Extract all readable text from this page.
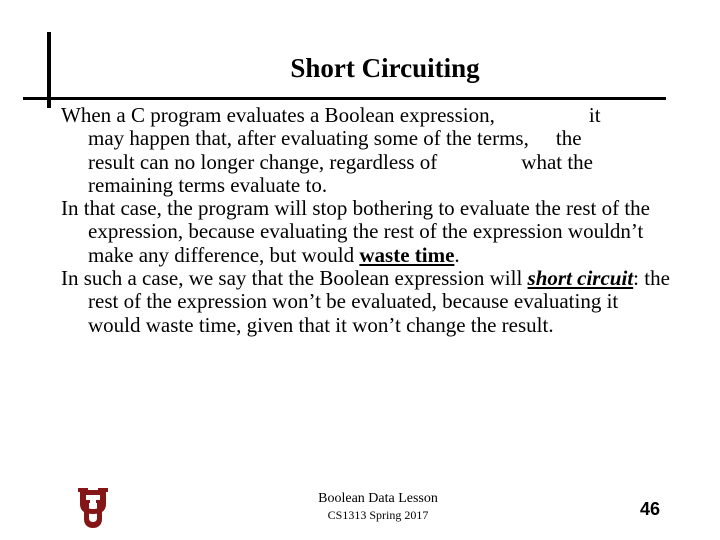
Short Circuiting

When a C program evaluates a Boolean expression,	it
may happen that, after evaluating some of the terms, the
result can no longer change, regardless of	what the
remaining terms evaluate to.

In that case, the program will stop bothering to evaluate the rest of the expression, because evaluating the rest of the expression wouldn’t make any difference, but would waste time.

In such a case, we say that the Boolean expression will short circuit: the rest of the expression won’t be evaluated, because evaluating it would waste time, given that it won’t change the result.

Boolean Data Lesson
CS1313 Spring 2017	46
